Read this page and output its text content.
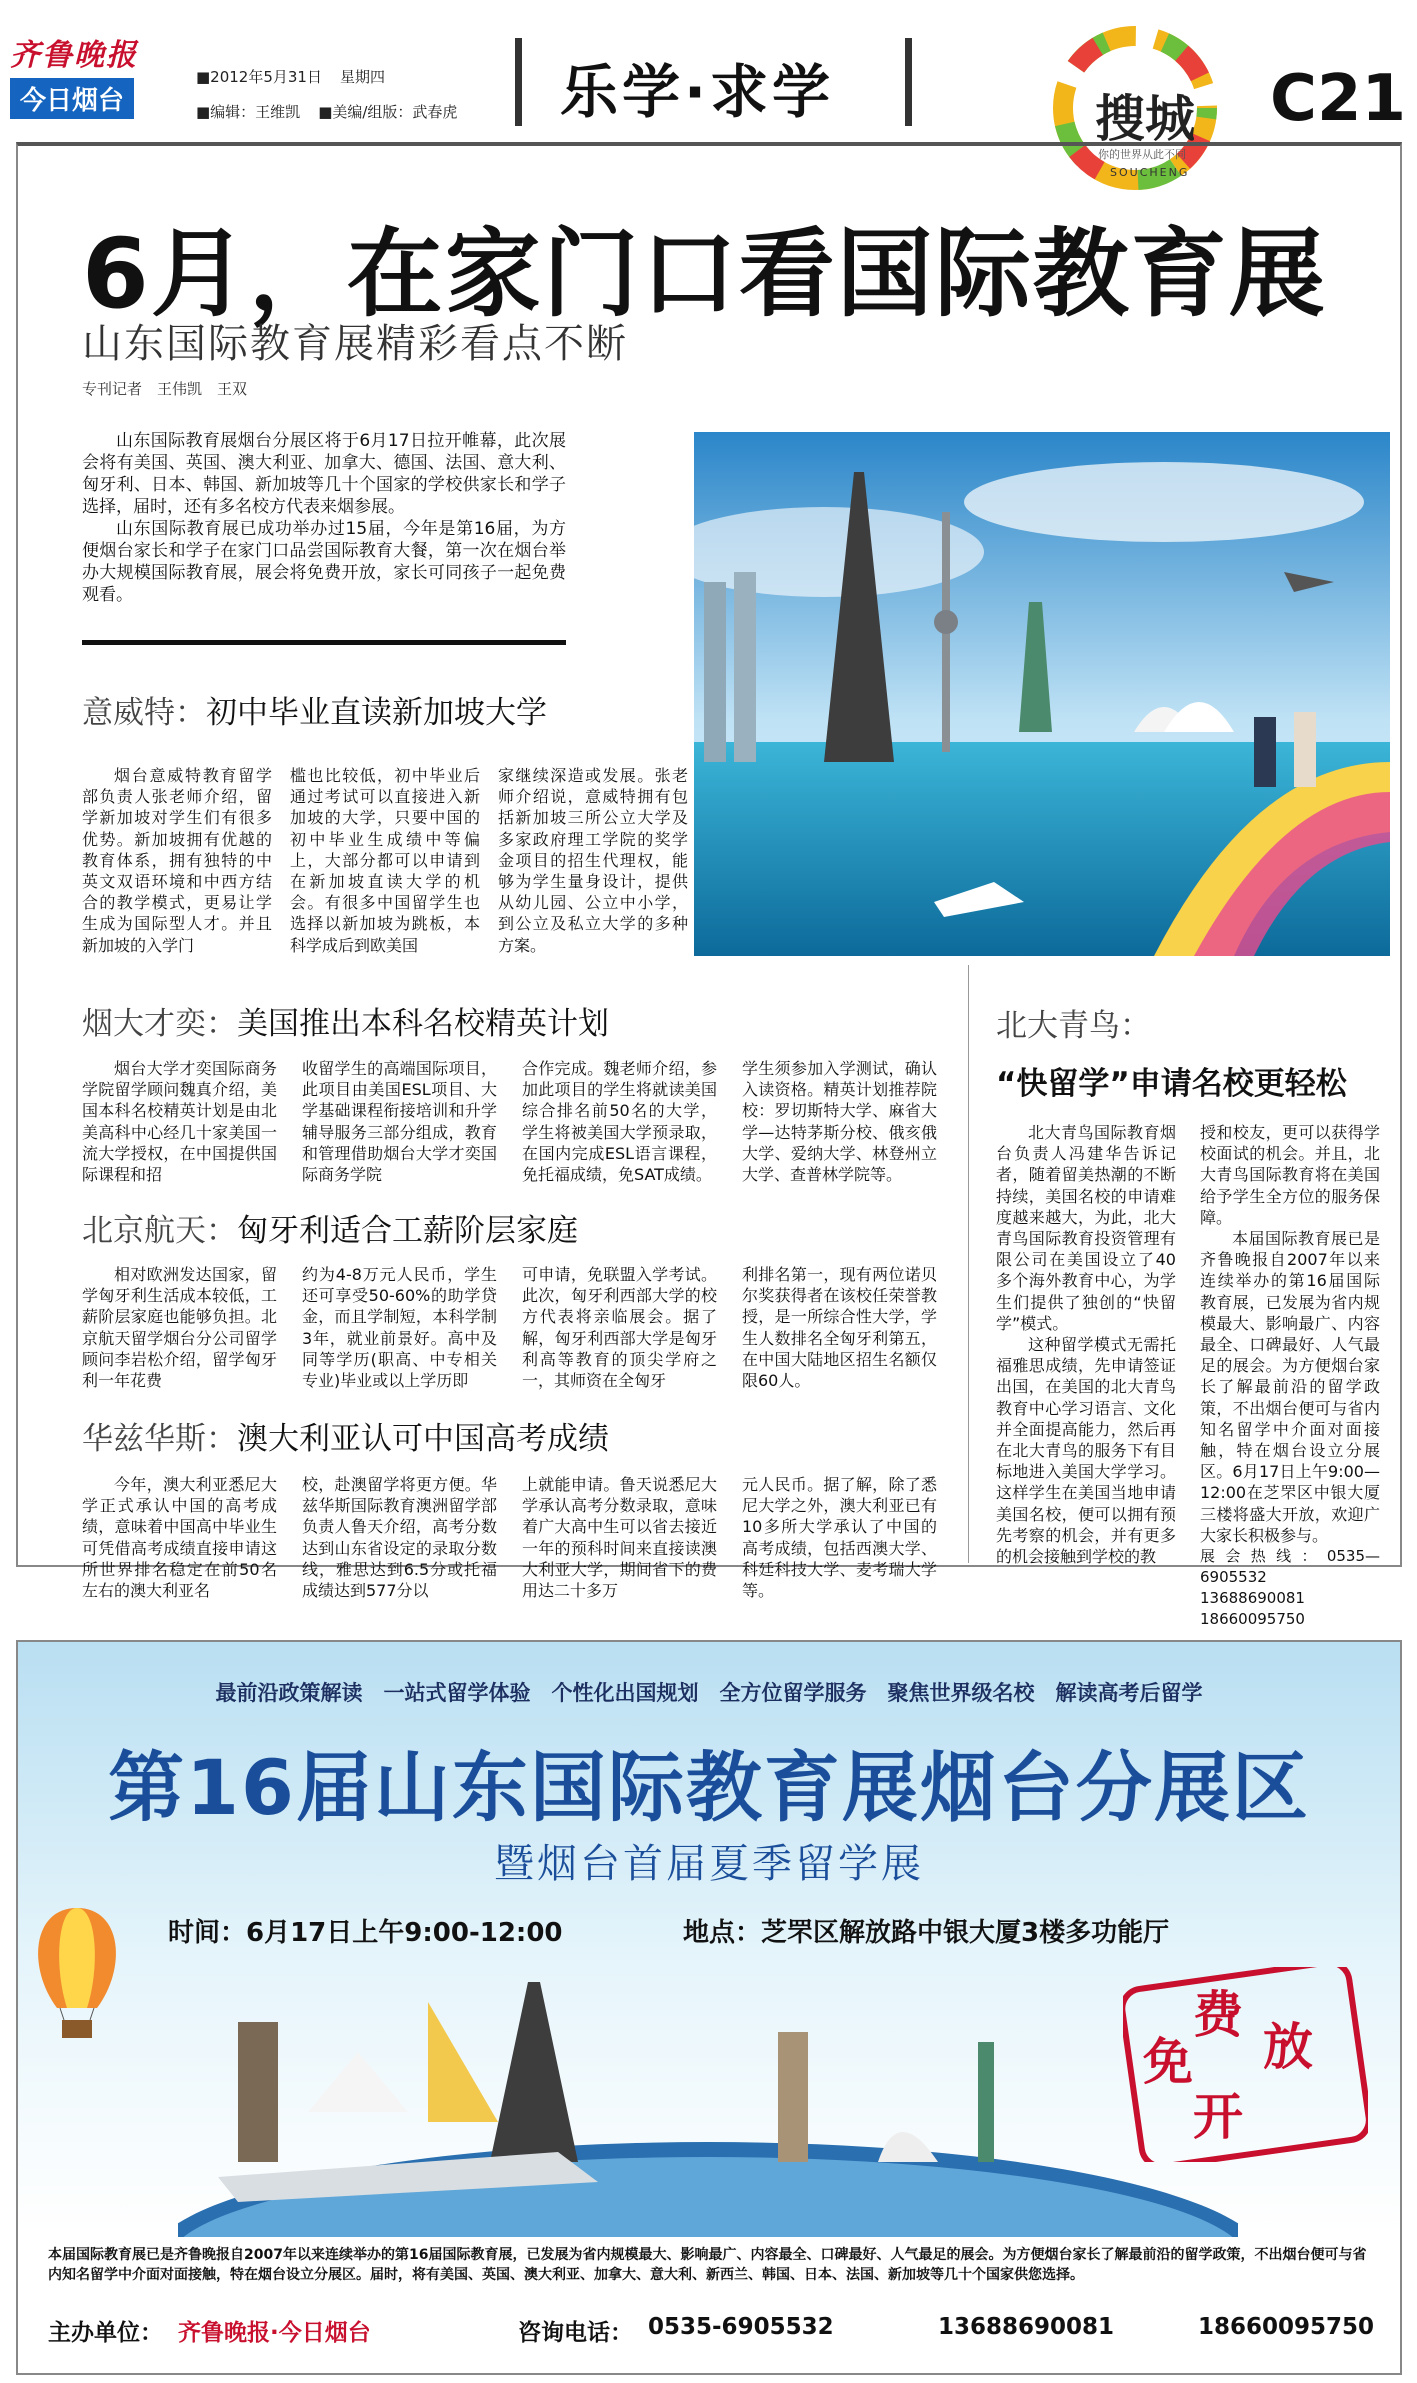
齐鲁晚报
今日烟台
■2012年5月31日 星期四
■编辑：王维凯 ■美编/组版：武春虎	乐学·求学	搜城
你的世界从此不同
SOUCHENG
C21
6月，在家门口看国际教育展
山东国际教育展精彩看点不断
专刊记者　王伟凯　王双

山东国际教育展烟台分展区将于6月17日拉开帷幕，此次展会将有美国、英国、澳大利亚、加拿大、德国、法国、意大利、匈牙利、日本、韩国、新加坡等几十个国家的学校供家长和学子选择，届时，还有多名校方代表来烟参展。

山东国际教育展已成功举办过15届，今年是第16届，为方便烟台家长和学子在家门口品尝国际教育大餐，第一次在烟台举办大规模国际教育展，展会将免费开放，家长可同孩子一起免费观看。

意威特：初中毕业直读新加坡大学

烟台意威特教育留学部负责人张老师介绍，留学新加坡对学生们有很多优势。新加坡拥有优越的教育体系，拥有独特的中英文双语环境和中西方结合的教学模式，更易让学生成为国际型人才。并且新加坡的入学门

槛也比较低，初中毕业后通过考试可以直接进入新加坡的大学，只要中国的初中毕业生成绩中等偏上，大部分都可以申请到在新加坡直读大学的机会。有很多中国留学生也选择以新加坡为跳板，本科学成后到欧美国

家继续深造或发展。张老师介绍说，意威特拥有包括新加坡三所公立大学及多家政府理工学院的奖学金项目的招生代理权，能够为学生量身设计，提供从幼儿园、公立中小学，到公立及私立大学的多种方案。

烟大才奕：美国推出本科名校精英计划

烟台大学才奕国际商务学院留学顾问魏真介绍，美国本科名校精英计划是由北美高科中心经几十家美国一流大学授权，在中国提供国际课程和招

收留学生的高端国际项目，此项目由美国ESL项目、大学基础课程衔接培训和升学辅导服务三部分组成，教育和管理借助烟台大学才奕国际商务学院

合作完成。魏老师介绍，参加此项目的学生将就读美国综合排名前50名的大学，学生将被美国大学预录取，在国内完成ESL语言课程，免托福成绩，免SAT成绩。

学生须参加入学测试，确认入读资格。精英计划推荐院校：罗切斯特大学、麻省大学—达特茅斯分校、俄亥俄大学、爱纳大学、林登州立大学、查普林学院等。

北京航天：匈牙利适合工薪阶层家庭

相对欧洲发达国家，留学匈牙利生活成本较低，工薪阶层家庭也能够负担。北京航天留学烟台分公司留学顾问李岩松介绍，留学匈牙利一年花费

约为4-8万元人民币，学生还可享受50-60%的助学贷金，而且学制短，本科学制3年，就业前景好。高中及同等学历(职高、中专相关专业)毕业或以上学历即

可申请，免联盟入学考试。此次，匈牙利西部大学的校方代表将亲临展会。据了解，匈牙利西部大学是匈牙利高等教育的顶尖学府之一，其师资在全匈牙

利排名第一，现有两位诺贝尔奖获得者在该校任荣誉教授，是一所综合性大学，学生人数排名全匈牙利第五，在中国大陆地区招生名额仅限60人。

华兹华斯：澳大利亚认可中国高考成绩

今年，澳大利亚悉尼大学正式承认中国的高考成绩，意味着中国高中毕业生可凭借高考成绩直接申请这所世界排名稳定在前50名左右的澳大利亚名

校，赴澳留学将更方便。华兹华斯国际教育澳洲留学部负责人鲁天介绍，高考分数达到山东省设定的录取分数线，雅思达到6.5分或托福成绩达到577分以

上就能申请。鲁天说悉尼大学承认高考分数录取，意味着广大高中生可以省去接近一年的预科时间来直接读澳大利亚大学，期间省下的费用达二十多万

元人民币。据了解，除了悉尼大学之外，澳大利亚已有10多所大学承认了中国的高考成绩，包括西澳大学、科廷科技大学、麦考瑞大学等。

北大青鸟：
“快留学”申请名校更轻松

北大青鸟国际教育烟台负责人冯建华告诉记者，随着留美热潮的不断持续，美国名校的申请难度越来越大，为此，北大青鸟国际教育投资管理有限公司在美国设立了40多个海外教育中心，为学生们提供了独创的“快留学”模式。

这种留学模式无需托福雅思成绩，先申请签证出国，在美国的北大青鸟教育中心学习语言、文化并全面提高能力，然后再在北大青鸟的服务下有目标地进入美国大学学习。这样学生在美国当地申请美国名校，便可以拥有预先考察的机会，并有更多的机会接触到学校的教

授和校友，更可以获得学校面试的机会。并且，北大青鸟国际教育将在美国给予学生全方位的服务保障。

本届国际教育展已是齐鲁晚报自2007年以来连续举办的第16届国际教育展，已发展为省内规模最大、影响最广、内容最全、口碑最好、人气最足的展会。为方便烟台家长了解最前沿的留学政策，不出烟台便可与省内知名留学中介面对面接触，特在烟台设立分展区。6月17日上午9:00—12:00在芝罘区中银大厦三楼将盛大开放，欢迎广大家长积极参与。

展会热线：0535—6905532
13688690081　18660095750
最前沿政策解读　一站式留学体验　个性化出国规划　全方位留学服务　聚焦世界级名校　解读高考后留学
第16届山东国际教育展烟台分展区
暨烟台首届夏季留学展
时间：6月17日上午9:00-12:00	地点：芝罘区解放路中银大厦3楼多功能厅
费
免 放
开
本届国际教育展已是齐鲁晚报自2007年以来连续举办的第16届国际教育展，已发展为省内规模最大、影响最广、内容最全、口碑最好、人气最足的展会。为方便烟台家长了解最前沿的留学政策，不出烟台便可与省内知名留学中介面对面接触，特在烟台设立分展区。届时，将有美国、英国、澳大利亚、加拿大、意大利、新西兰、韩国、日本、法国、新加坡等几十个国家供您选择。
主办单位： 齐鲁晚报·今日烟台	咨询电话： 0535-6905532	13688690081	18660095750
